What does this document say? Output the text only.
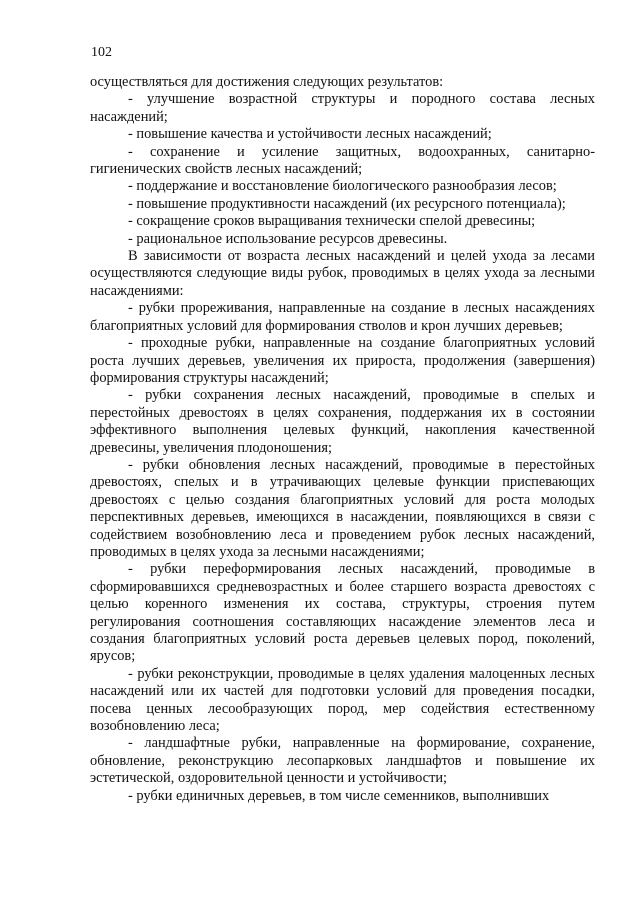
102

осуществляться для достижения следующих результатов:

- улучшение возрастной структуры и породного состава лесных насаждений;

- повышение качества и устойчивости лесных насаждений;

- сохранение и усиление защитных, водоохранных, санитарно-гигиенических свойств лесных насаждений;

- поддержание и восстановление биологического разнообразия лесов;

- повышение продуктивности насаждений (их ресурсного потенциала);

- сокращение сроков выращивания технически спелой древесины;

- рациональное использование ресурсов древесины.

В зависимости от возраста лесных насаждений и целей ухода за лесами осуществляются следующие виды рубок, проводимых в целях ухода за лесными насаждениями:

- рубки прореживания, направленные на создание в лесных насаждениях благоприятных условий для формирования стволов и крон лучших деревьев;

- проходные рубки, направленные на создание благоприятных условий роста лучших деревьев, увеличения их прироста, продолжения (завершения) формирования структуры насаждений;

- рубки сохранения лесных насаждений, проводимые в спелых и перестойных древостоях в целях сохранения, поддержания их в состоянии эффективного выполнения целевых функций, накопления качественной древесины, увеличения плодоношения;

- рубки обновления лесных насаждений, проводимые в перестойных древостоях, спелых и в утрачивающих целевые функции приспевающих древостоях с целью создания благоприятных условий для роста молодых перспективных деревьев, имеющихся в насаждении, появляющихся в связи с содействием возобновлению леса и проведением рубок лесных насаждений, проводимых в целях ухода за лесными насаждениями;

- рубки переформирования лесных насаждений, проводимые в сформировавшихся средневозрастных и более старшего возраста древостоях с целью коренного изменения их состава, структуры, строения путем регулирования соотношения составляющих насаждение элементов леса и создания благоприятных условий роста деревьев целевых пород, поколений, ярусов;

- рубки реконструкции, проводимые в целях удаления малоценных лесных насаждений или их частей для подготовки условий для проведения посадки, посева ценных лесообразующих пород, мер содействия естественному возобновлению леса;

- ландшафтные рубки, направленные на формирование, сохранение, обновление, реконструкцию лесопарковых ландшафтов и повышение их эстетической, оздоровительной ценности и устойчивости;

- рубки единичных деревьев, в том числе семенников, выполнивших
